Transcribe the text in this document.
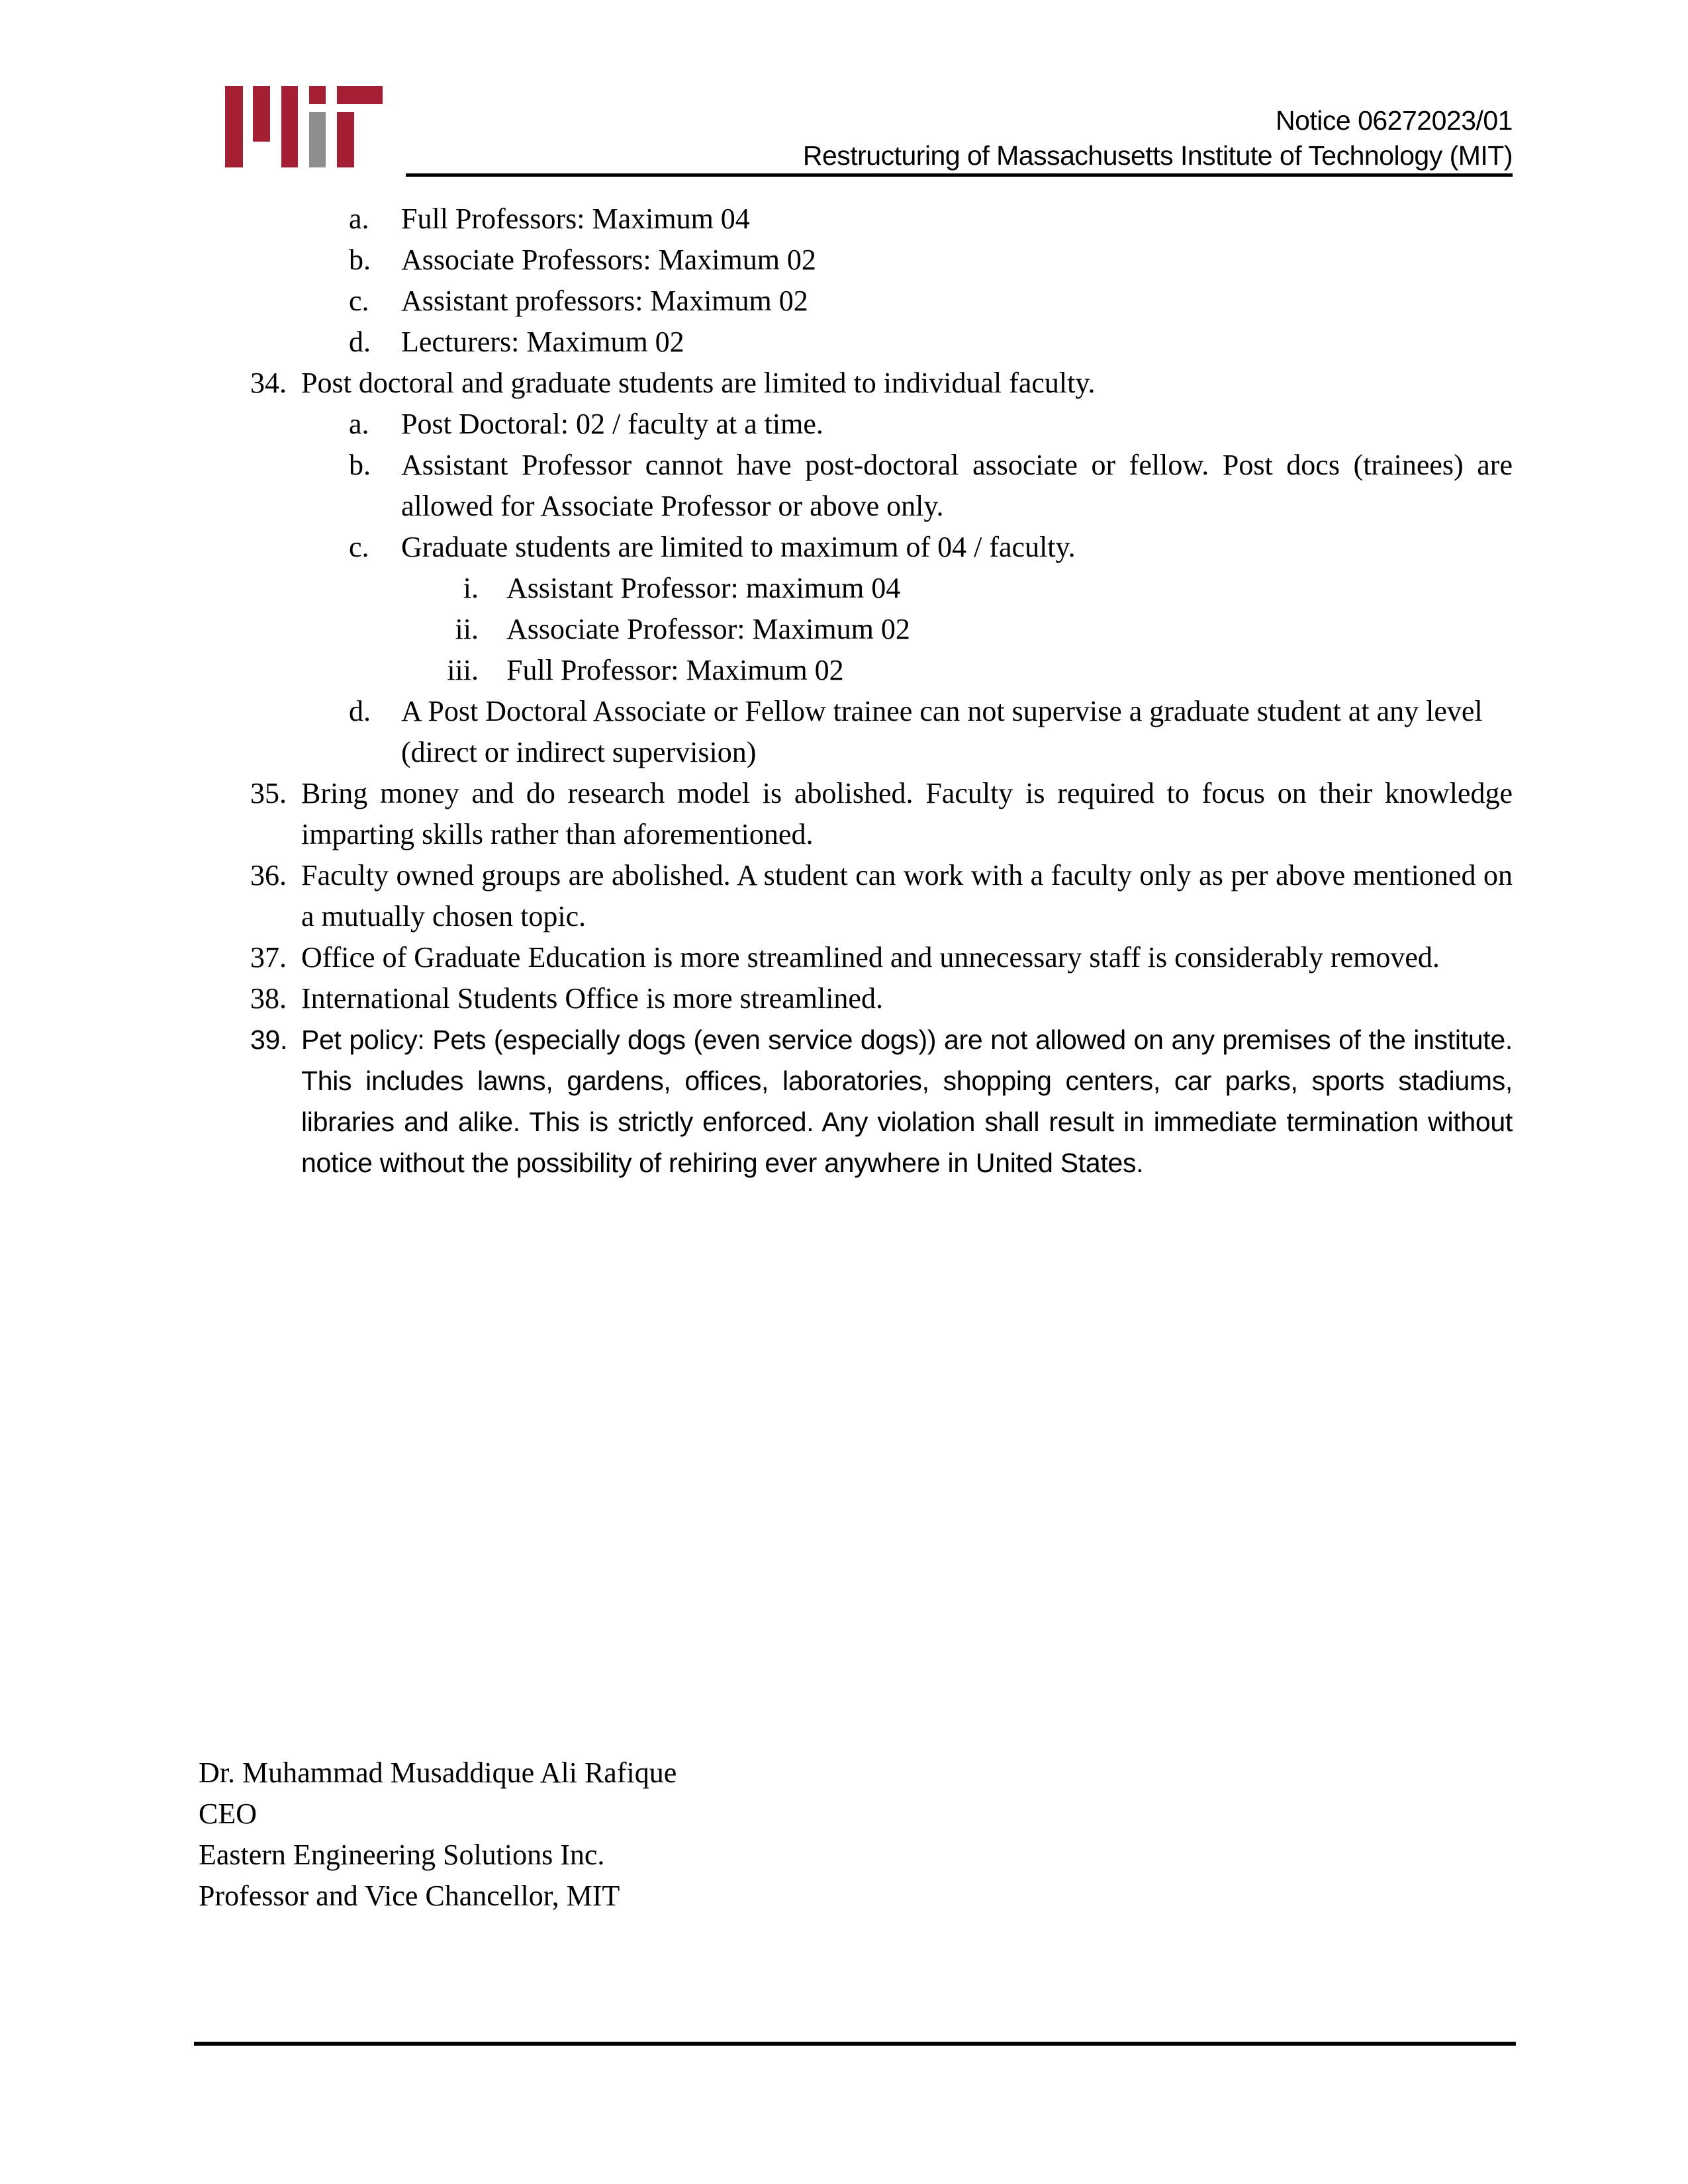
Notice 06272023/01
Restructuring of Massachusetts Institute of Technology (MIT)
a.	Full Professors: Maximum 04
b.	Associate Professors: Maximum 02
c.	Assistant professors: Maximum 02
d.	Lecturers: Maximum 02
34. Post doctoral and graduate students are limited to individual faculty.
a.	Post Doctoral: 02 / faculty at a time.
b.	Assistant Professor cannot have post-doctoral associate or fellow. Post docs (trainees) are allowed for Associate Professor or above only.
c.	Graduate students are limited to maximum of 04 / faculty.
i. Assistant Professor: maximum 04
ii. Associate Professor: Maximum 02
iii. Full Professor: Maximum 02
d.	A Post Doctoral Associate or Fellow trainee can not supervise a graduate student at any level (direct or indirect supervision)
35. Bring money and do research model is abolished. Faculty is required to focus on their knowledge imparting skills rather than aforementioned.
36. Faculty owned groups are abolished. A student can work with a faculty only as per above mentioned on a mutually chosen topic.
37. Office of Graduate Education is more streamlined and unnecessary staff is considerably removed.
38. International Students Office is more streamlined.
39. Pet policy: Pets (especially dogs (even service dogs)) are not allowed on any premises of the institute. This includes lawns, gardens, offices, laboratories, shopping centers, car parks, sports stadiums, libraries and alike. This is strictly enforced. Any violation shall result in immediate termination without notice without the possibility of rehiring ever anywhere in United States.
Dr. Muhammad Musaddique Ali Rafique
CEO
Eastern Engineering Solutions Inc.
Professor and Vice Chancellor, MIT
